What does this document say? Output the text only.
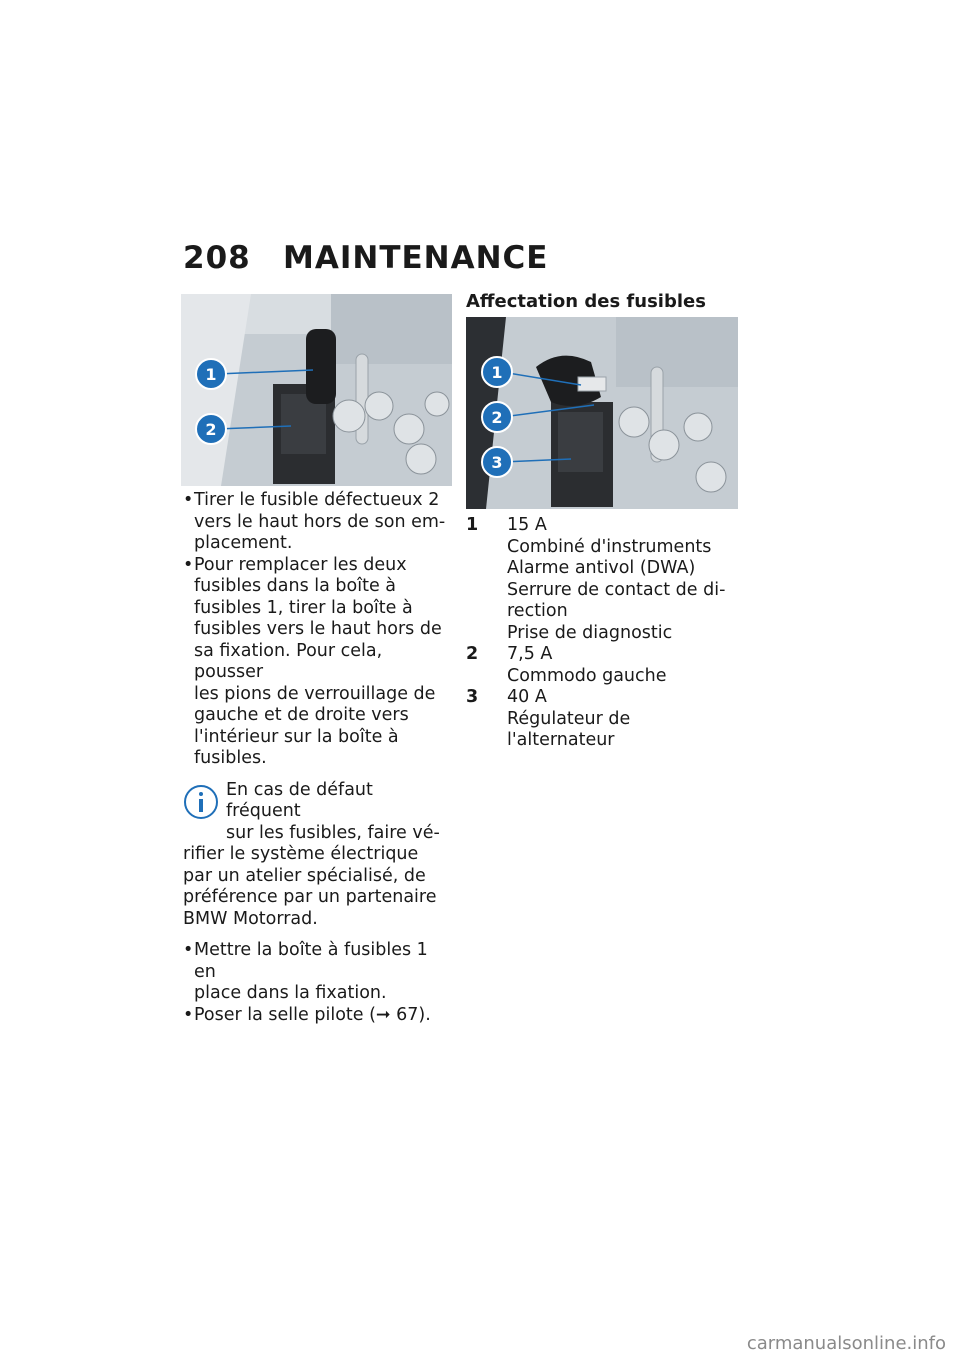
208	MAINTENANCE
1
2
• Tirer le fusible défectueux 2
vers le haut hors de son em-
placement.
• Pour remplacer les deux
fusibles dans la boîte à
fusibles 1, tirer la boîte à
fusibles vers le haut hors de
sa fixation. Pour cela, pousser
les pions de verrouillage de
gauche et de droite vers
l'intérieur sur la boîte à
fusibles.
En cas de défaut fréquent
sur les fusibles, faire vé-
rifier le système électrique
par un atelier spécialisé, de
préférence par un partenaire
BMW Motorrad.
• Mettre la boîte à fusibles 1 en
place dans la fixation.
• Poser la selle pilote (➞ 67).

Affectation des fusibles

1
2
3
1 15 A
Combiné d'instruments
Alarme antivol (DWA)
Serrure de contact de di-
rection
Prise de diagnostic
2 7,5 A
Commodo gauche
3 40 A
Régulateur de l'alternateur
carmanualsonline.info
